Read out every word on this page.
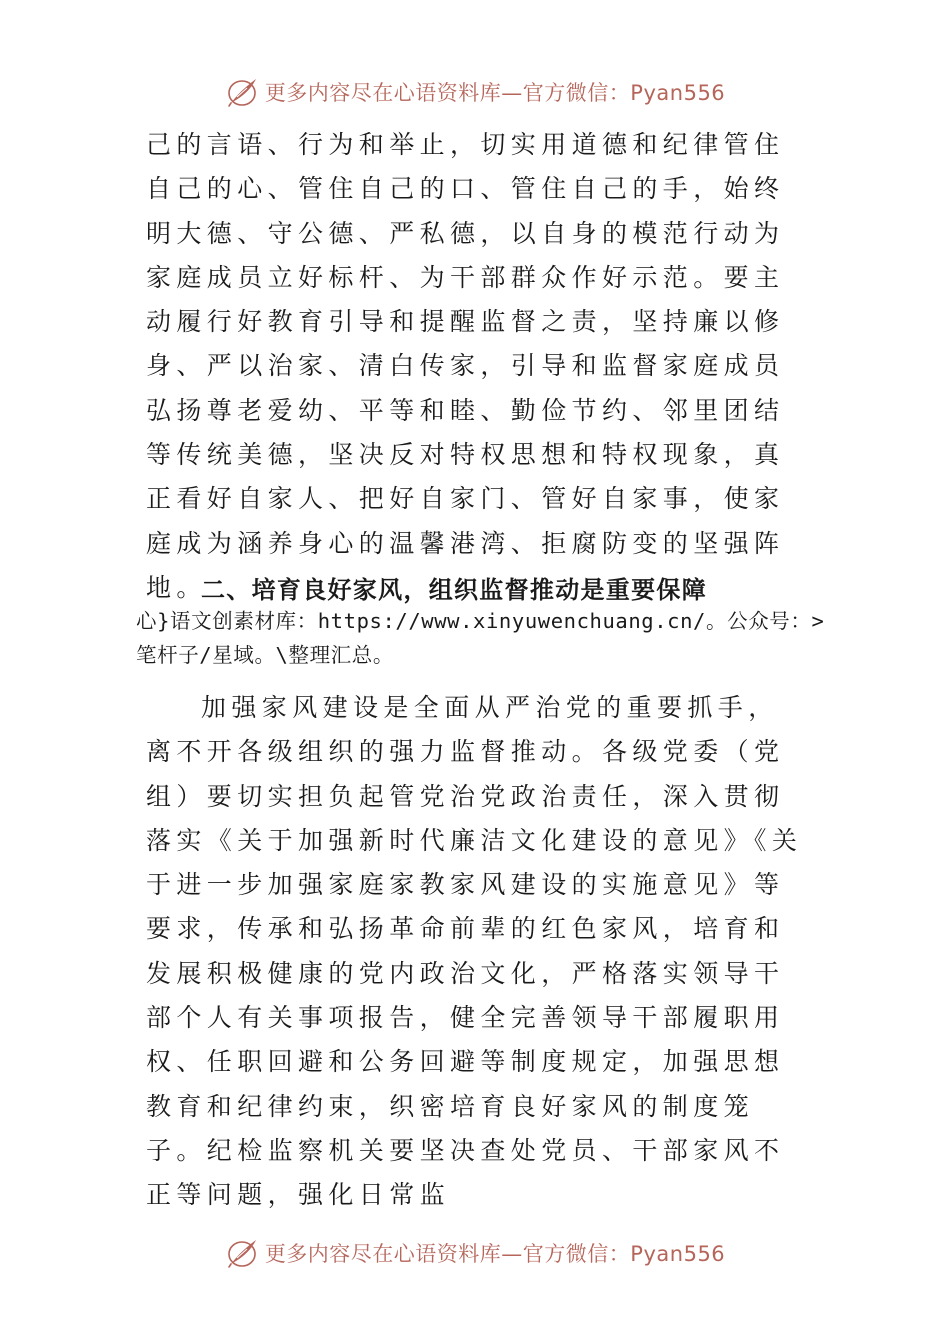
更多内容尽在心语资料库—官方微信：Pyan556

己的言语、行为和举止，切实用道德和纪律管住自己的心、管住自己的口、管住自己的手，始终明大德、守公德、严私德，以自身的模范行动为家庭成员立好标杆、为干部群众作好示范。要主动履行好教育引导和提醒监督之责，坚持廉以修身、严以治家、清白传家，引导和监督家庭成员弘扬尊老爱幼、平等和睦、勤俭节约、邻里团结等传统美德，坚决反对特权思想和特权现象，真正看好自家人、把好自家门、管好自家事，使家庭成为涵养身心的温馨港湾、拒腐防变的坚强阵地。

二、培育良好家风，组织监督推动是重要保障

心}语文创素材库：https://www.xinyuwenchuang.cn/。公众号：>笔杆子/星域。\整理汇总。

加强家风建设是全面从严治党的重要抓手，离不开各级组织的强力监督推动。各级党委（党组）要切实担负起管党治党政治责任，深入贯彻落实《关于加强新时代廉洁文化建设的意见》《关于进一步加强家庭家教家风建设的实施意见》等要求，传承和弘扬革命前辈的红色家风，培育和发展积极健康的党内政治文化，严格落实领导干部个人有关事项报告，健全完善领导干部履职用权、任职回避和公务回避等制度规定，加强思想教育和纪律约束，织密培育良好家风的制度笼子。纪检监察机关要坚决查处党员、干部家风不正等问题，强化日常监

更多内容尽在心语资料库—官方微信：Pyan556
